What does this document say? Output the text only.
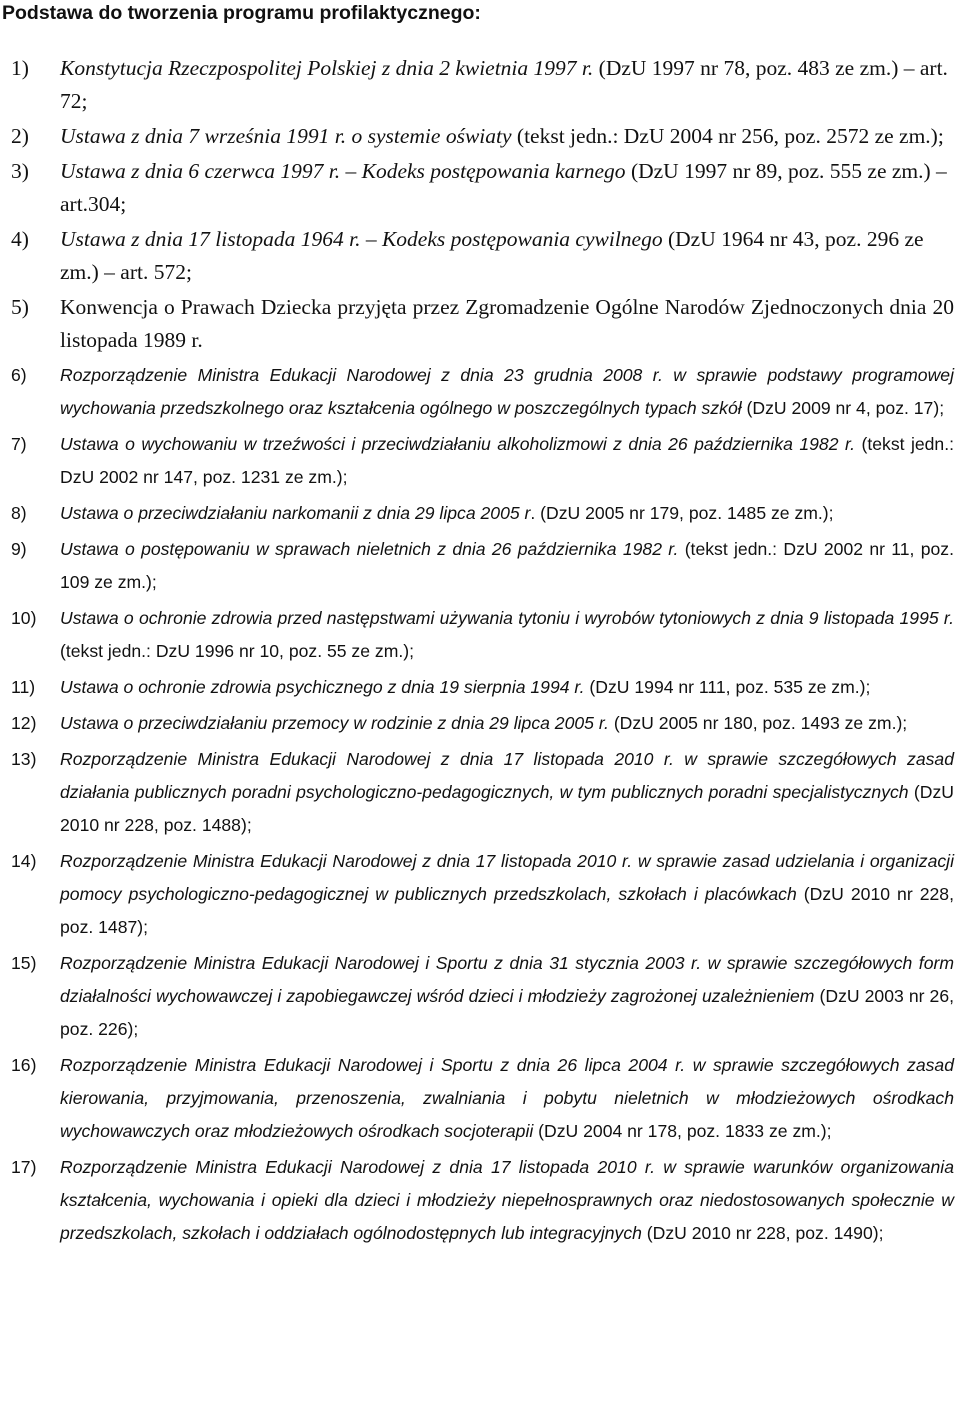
Podstawa do tworzenia programu profilaktycznego:
1) Konstytucja Rzeczpospolitej Polskiej z dnia 2 kwietnia 1997 r. (DzU 1997 nr 78, poz. 483 ze zm.) – art. 72;
2) Ustawa z dnia 7 września 1991 r. o systemie oświaty (tekst jedn.: DzU 2004 nr 256, poz. 2572 ze zm.);
3) Ustawa z dnia 6 czerwca 1997 r. – Kodeks postępowania karnego (DzU 1997 nr 89, poz. 555 ze zm.) – art.304;
4) Ustawa z dnia 17 listopada 1964 r. – Kodeks postępowania cywilnego (DzU 1964 nr 43, poz. 296 ze zm.) – art. 572;
5) Konwencja o Prawach Dziecka przyjęta przez Zgromadzenie Ogólne Narodów Zjednoczonych dnia 20 listopada 1989 r.
6) Rozporządzenie Ministra Edukacji Narodowej z dnia 23 grudnia 2008 r. w sprawie podstawy programowej wychowania przedszkolnego oraz kształcenia ogólnego w poszczególnych typach szkół (DzU 2009 nr 4, poz. 17);
7) Ustawa o wychowaniu w trzeźwości i przeciwdziałaniu alkoholizmowi z dnia 26 października 1982 r. (tekst jedn.: DzU 2002 nr 147, poz. 1231 ze zm.);
8) Ustawa o przeciwdziałaniu narkomanii z dnia 29 lipca 2005 r. (DzU 2005 nr 179, poz. 1485 ze zm.);
9) Ustawa o postępowaniu w sprawach nieletnich z dnia 26 października 1982 r. (tekst jedn.: DzU 2002 nr 11, poz. 109 ze zm.);
10) Ustawa o ochronie zdrowia przed następstwami używania tytoniu i wyrobów tytoniowych z dnia 9 listopada 1995 r. (tekst jedn.: DzU 1996 nr 10, poz. 55 ze zm.);
11) Ustawa o ochronie zdrowia psychicznego z dnia 19 sierpnia 1994 r. (DzU 1994 nr 111, poz. 535 ze zm.);
12) Ustawa o przeciwdziałaniu przemocy w rodzinie z dnia 29 lipca 2005 r. (DzU 2005 nr 180, poz. 1493 ze zm.);
13) Rozporządzenie Ministra Edukacji Narodowej z dnia 17 listopada 2010 r. w sprawie szczegółowych zasad działania publicznych poradni psychologiczno-pedagogicznych, w tym publicznych poradni specjalistycznych (DzU 2010 nr 228, poz. 1488);
14) Rozporządzenie Ministra Edukacji Narodowej z dnia 17 listopada 2010 r. w sprawie zasad udzielania i organizacji pomocy psychologiczno-pedagogicznej w publicznych przedszkolach, szkołach i placówkach (DzU 2010 nr 228, poz. 1487);
15) Rozporządzenie Ministra Edukacji Narodowej i Sportu z dnia 31 stycznia 2003 r. w sprawie szczegółowych form działalności wychowawczej i zapobiegawczej wśród dzieci i młodzieży zagrożonej uzależnieniem (DzU 2003 nr 26, poz. 226);
16) Rozporządzenie Ministra Edukacji Narodowej i Sportu z dnia 26 lipca 2004 r. w sprawie szczegółowych zasad kierowania, przyjmowania, przenoszenia, zwalniania i pobytu nieletnich w młodzieżowych ośrodkach wychowawczych oraz młodzieżowych ośrodkach socjoterapii (DzU 2004 nr 178, poz. 1833 ze zm.);
17) Rozporządzenie Ministra Edukacji Narodowej z dnia 17 listopada 2010 r. w sprawie warunków organizowania kształcenia, wychowania i opieki dla dzieci i młodzieży niepełnosprawnych oraz niedostosowanych społecznie w przedszkolach, szkołach i oddziałach ogólnodostępnych lub integracyjnych (DzU 2010 nr 228, poz. 1490);
